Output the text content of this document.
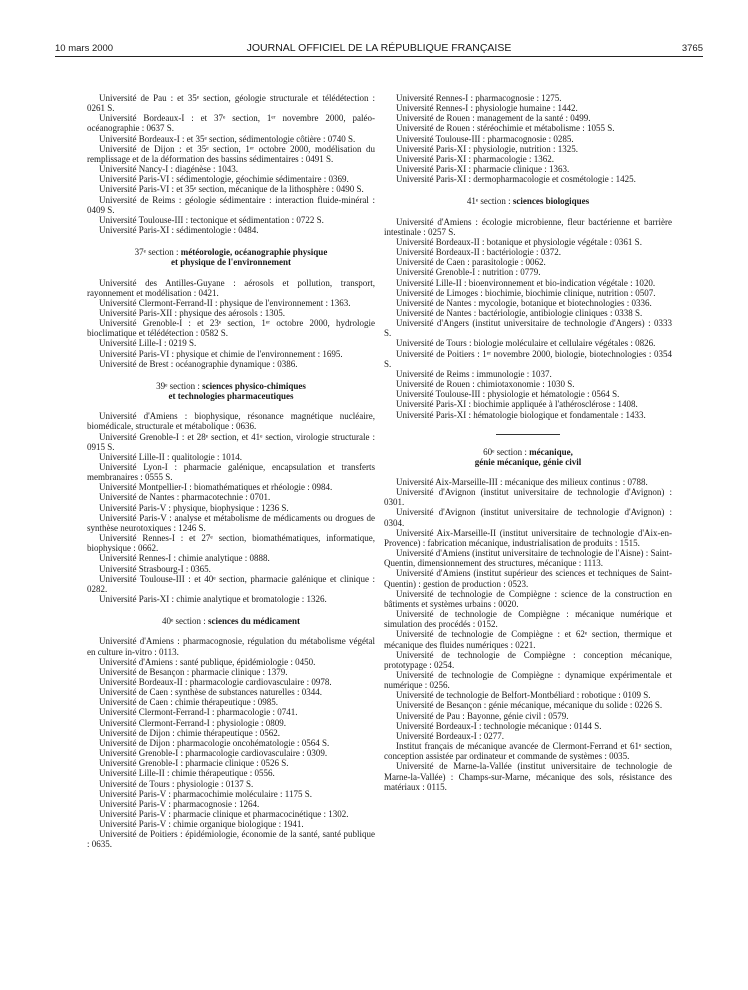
10 mars 2000	JOURNAL OFFICIEL DE LA RÉPUBLIQUE FRANÇAISE	3765

Université de Pau : et 35ᵉ section, géologie structurale et télédétection : 0261 S.

Université Bordeaux-I : et 37ᵉ section, 1ᵉʳ novembre 2000, paléo-océanographie : 0637 S.

Université Bordeaux-I : et 35ᵉ section, sédimentologie côtière : 0740 S.

Université de Dijon : et 35ᵉ section, 1ᵉʳ octobre 2000, modélisation du remplissage et de la déformation des bassins sédimentaires : 0491 S.

Université Nancy-I : diagénèse : 1043.

Université Paris-VI : sédimentologie, géochimie sédimentaire : 0369.

Université Paris-VI : et 35ᵉ section, mécanique de la lithosphère : 0490 S.

Université de Reims : géologie sédimentaire : interaction fluide-minéral : 0409 S.

Université Toulouse-III : tectonique et sédimentation : 0722 S.

Université Paris-XI : sédimentologie : 0484.

37ᵉ section : météorologie, océanographie physique
et physique de l'environnement

Université des Antilles-Guyane : aérosols et pollution, transport, rayonnement et modélisation : 0421.

Université Clermont-Ferrand-II : physique de l'environnement : 1363.

Université Paris-XII : physique des aérosols : 1305.

Université Grenoble-I : et 23ᵉ section, 1ᵉʳ octobre 2000, hydrologie bioclimatique et télédétection : 0582 S.

Université Lille-I : 0219 S.

Université Paris-VI : physique et chimie de l'environnement : 1695.

Université de Brest : océanographie dynamique : 0386.

39ᵉ section : sciences physico-chimiques
et technologies pharmaceutiques

Université d'Amiens : biophysique, résonance magnétique nucléaire, biomédicale, structurale et métabolique : 0636.

Université Grenoble-I : et 28ᵉ section, et 41ᵉ section, virologie structurale : 0915 S.

Université Lille-II : qualitologie : 1014.

Université Lyon-I : pharmacie galénique, encapsulation et transferts membranaires : 0555 S.

Université Montpellier-I : biomathématiques et rhéologie : 0984.

Université de Nantes : pharmacotechnie : 0701.

Université Paris-V : physique, biophysique : 1236 S.

Université Paris-V : analyse et métabolisme de médicaments ou drogues de synthèse neurotoxiques : 1246 S.

Université Rennes-I : et 27ᵉ section, biomathématiques, informatique, biophysique : 0662.

Université Rennes-I : chimie analytique : 0888.

Université Strasbourg-I : 0365.

Université Toulouse-III : et 40ᵉ section, pharmacie galénique et clinique : 0282.

Université Paris-XI : chimie analytique et bromatologie : 1326.

40ᵉ section : sciences du médicament

Université d'Amiens : pharmacognosie, régulation du métabolisme végétal en culture in-vitro : 0113.

Université d'Amiens : santé publique, épidémiologie : 0450.

Université de Besançon : pharmacie clinique : 1379.

Université Bordeaux-II : pharmacologie cardiovasculaire : 0978.

Université de Caen : synthèse de substances naturelles : 0344.

Université de Caen : chimie thérapeutique : 0985.

Université Clermont-Ferrand-I : pharmacologie : 0741.

Université Clermont-Ferrand-I : physiologie : 0809.

Université de Dijon : chimie thérapeutique : 0562.

Université de Dijon : pharmacologie oncohématologie : 0564 S.

Université Grenoble-I : pharmacologie cardiovasculaire : 0309.

Université Grenoble-I : pharmacie clinique : 0526 S.

Université Lille-II : chimie thérapeutique : 0556.

Université de Tours : physiologie : 0137 S.

Université Paris-V : pharmacochimie moléculaire : 1175 S.

Université Paris-V : pharmacognosie : 1264.

Université Paris-V : pharmacie clinique et pharmacocinétique : 1302.

Université Paris-V : chimie organique biologique : 1941.

Université de Poitiers : épidémiologie, économie de la santé, santé publique : 0635.

Université Rennes-I : pharmacognosie : 1275.

Université Rennes-I : physiologie humaine : 1442.

Université de Rouen : management de la santé : 0499.

Université de Rouen : stéréochimie et métabolisme : 1055 S.

Université Toulouse-III : pharmacognosie : 0285.

Université Paris-XI : physiologie, nutrition : 1325.

Université Paris-XI : pharmacologie : 1362.

Université Paris-XI : pharmacie clinique : 1363.

Université Paris-XI : dermopharmacologie et cosmétologie : 1425.

41ᵉ section : sciences biologiques

Université d'Amiens : écologie microbienne, fleur bactérienne et barrière intestinale : 0257 S.

Université Bordeaux-II : botanique et physiologie végétale : 0361 S.

Université Bordeaux-II : bactériologie : 0372.

Université de Caen : parasitologie : 0062.

Université Grenoble-I : nutrition : 0779.

Université Lille-II : bioenvironnement et bio-indication végétale : 1020.

Université de Limoges : biochimie, biochimie clinique, nutrition : 0507.

Université de Nantes : mycologie, botanique et biotechnologies : 0336.

Université de Nantes : bactériologie, antibiologie cliniques : 0338 S.

Université d'Angers (institut universitaire de technologie d'Angers) : 0333 S.

Université de Tours : biologie moléculaire et cellulaire végétales : 0826.

Université de Poitiers : 1ᵉʳ novembre 2000, biologie, biotechnologies : 0354 S.

Université de Reims : immunologie : 1037.

Université de Rouen : chimiotaxonomie : 1030 S.

Université Toulouse-III : physiologie et hématologie : 0564 S.

Université Paris-XI : biochimie appliquée à l'athérosclérose : 1408.

Université Paris-XI : hématologie biologique et fondamentale : 1433.

60ᵉ section : mécanique,
génie mécanique, génie civil

Université Aix-Marseille-III : mécanique des milieux continus : 0788.

Université d'Avignon (institut universitaire de technologie d'Avignon) : 0301.

Université d'Avignon (institut universitaire de technologie d'Avignon) : 0304.

Université Aix-Marseille-II (institut universitaire de technologie d'Aix-en-Provence) : fabrication mécanique, industrialisation de produits : 1515.

Université d'Amiens (institut universitaire de technologie de l'Aisne) : Saint-Quentin, dimensionnement des structures, mécanique : 1113.

Université d'Amiens (institut supérieur des sciences et techniques de Saint-Quentin) : gestion de production : 0523.

Université de technologie de Compiègne : science de la construction en bâtiments et systèmes urbains : 0020.

Université de technologie de Compiègne : mécanique numérique et simulation des procédés : 0152.

Université de technologie de Compiègne : et 62ᵉ section, thermique et mécanique des fluides numériques : 0221.

Université de technologie de Compiègne : conception mécanique, prototypage : 0254.

Université de technologie de Compiègne : dynamique expérimentale et numérique : 0256.

Université de technologie de Belfort-Montbéliard : robotique : 0109 S.

Université de Besançon : génie mécanique, mécanique du solide : 0226 S.

Université de Pau : Bayonne, génie civil : 0579.

Université Bordeaux-I : technologie mécanique : 0144 S.

Université Bordeaux-I : 0277.

Institut français de mécanique avancée de Clermont-Ferrand et 61ᵉ section, conception assistée par ordinateur et commande de systèmes : 0035.

Université de Marne-la-Vallée (institut universitaire de technologie de Marne-la-Vallée) : Champs-sur-Marne, mécanique des sols, résistance des matériaux : 0115.
